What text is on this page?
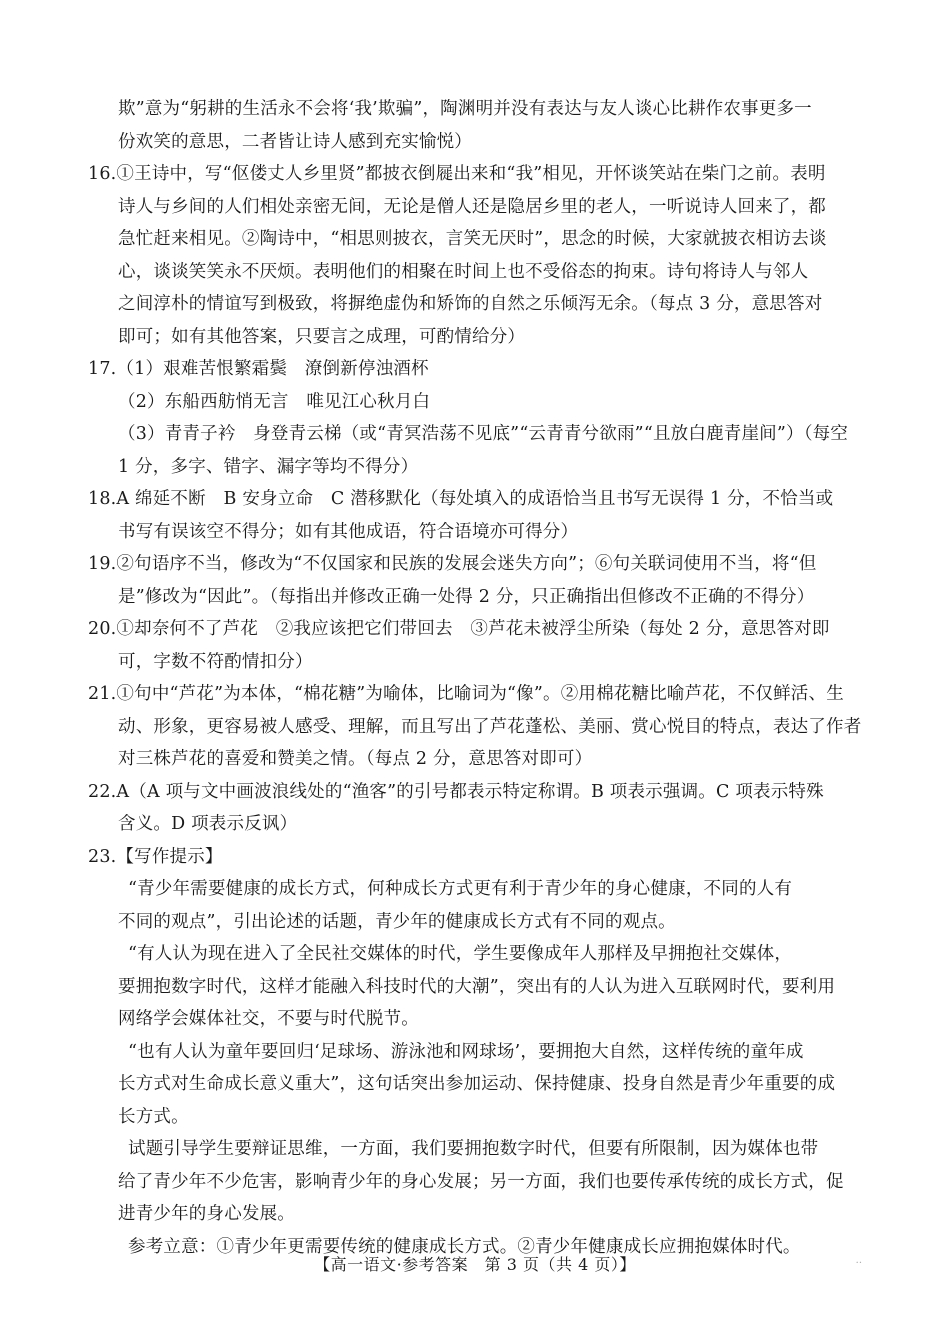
欺”意为“躬耕的生活永不会将‘我’欺骗”，陶渊明并没有表达与友人谈心比耕作农事更多一
份欢笑的意思，二者皆让诗人感到充实愉悦）
16.①王诗中，写“伛偻丈人乡里贤”都披衣倒屣出来和“我”相见，开怀谈笑站在柴门之前。表明
诗人与乡间的人们相处亲密无间，无论是僧人还是隐居乡里的老人，一听说诗人回来了，都
急忙赶来相见。②陶诗中，“相思则披衣，言笑无厌时”，思念的时候，大家就披衣相访去谈
心，谈谈笑笑永不厌烦。表明他们的相聚在时间上也不受俗态的拘束。诗句将诗人与邻人
之间淳朴的情谊写到极致，将摒绝虚伪和矫饰的自然之乐倾泻无余。（每点 3 分，意思答对
即可；如有其他答案，只要言之成理，可酌情给分）
17.（1）艰难苦恨繁霜鬓　潦倒新停浊酒杯
（2）东船西舫悄无言　唯见江心秋月白
（3）青青子衿　身登青云梯（或“青冥浩荡不见底”“云青青兮欲雨”“且放白鹿青崖间”）（每空
1 分，多字、错字、漏字等均不得分）
18.A 绵延不断　B 安身立命　C 潜移默化（每处填入的成语恰当且书写无误得 1 分，不恰当或
书写有误该空不得分；如有其他成语，符合语境亦可得分）
19.②句语序不当，修改为“不仅国家和民族的发展会迷失方向”；⑥句关联词使用不当，将“但
是”修改为“因此”。（每指出并修改正确一处得 2 分，只正确指出但修改不正确的不得分）
20.①却奈何不了芦花　②我应该把它们带回去　③芦花未被浮尘所染（每处 2 分，意思答对即
可，字数不符酌情扣分）
21.①句中“芦花”为本体，“棉花糖”为喻体，比喻词为“像”。②用棉花糖比喻芦花，不仅鲜活、生
动、形象，更容易被人感受、理解，而且写出了芦花蓬松、美丽、赏心悦目的特点，表达了作者
对三株芦花的喜爱和赞美之情。（每点 2 分，意思答对即可）
22.A（A 项与文中画波浪线处的“渔客”的引号都表示特定称谓。B 项表示强调。C 项表示特殊
含义。D 项表示反讽）
23.【写作提示】
“青少年需要健康的成长方式，何种成长方式更有利于青少年的身心健康，不同的人有
不同的观点”，引出论述的话题，青少年的健康成长方式有不同的观点。
“有人认为现在进入了全民社交媒体的时代，学生要像成年人那样及早拥抱社交媒体，
要拥抱数字时代，这样才能融入科技时代的大潮”，突出有的人认为进入互联网时代，要利用
网络学会媒体社交，不要与时代脱节。
“也有人认为童年要回归‘足球场、游泳池和网球场’，要拥抱大自然，这样传统的童年成
长方式对生命成长意义重大”，这句话突出参加运动、保持健康、投身自然是青少年重要的成
长方式。
试题引导学生要辩证思维，一方面，我们要拥抱数字时代，但要有所限制，因为媒体也带
给了青少年不少危害，影响青少年的身心发展；另一方面，我们也要传承传统的成长方式，促
进青少年的身心发展。
参考立意：①青少年更需要传统的健康成长方式。②青少年健康成长应拥抱媒体时代。
【高一语文·参考答案　第 3 页（共 4 页）】	··
